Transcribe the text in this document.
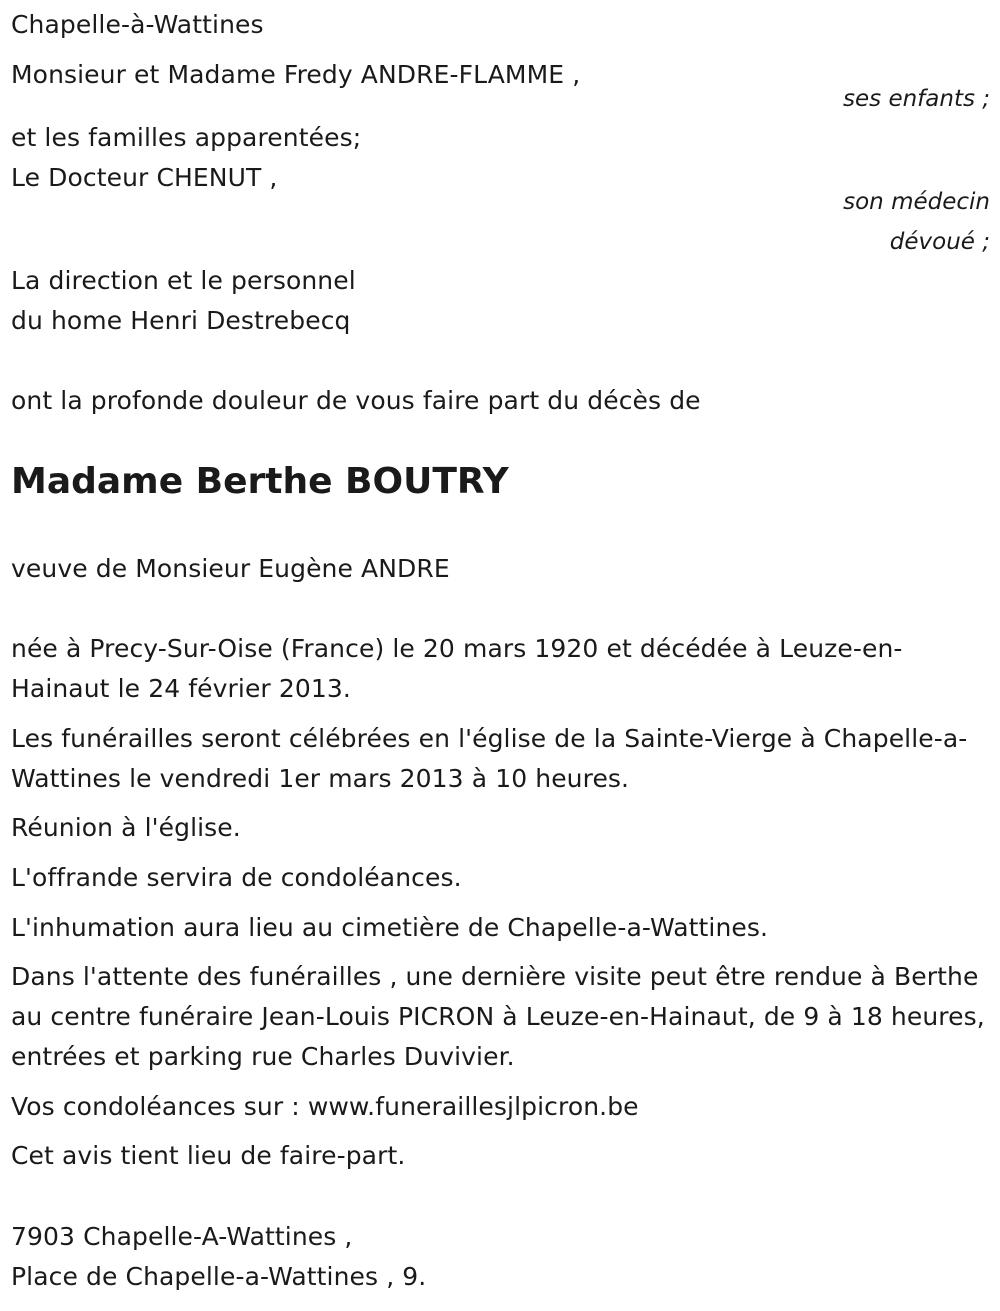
Chapelle-à-Wattines
Monsieur et Madame Fredy ANDRE-FLAMME ,
ses enfants ;
et les familles apparentées;
Le Docteur CHENUT ,
son médecin
dévoué ;
La direction et le personnel
du home Henri Destrebecq
ont la profonde douleur de vous faire part du décès de
Madame Berthe BOUTRY
veuve de Monsieur Eugène ANDRE
née à Precy-Sur-Oise (France) le 20 mars 1920 et décédée à Leuze-en-Hainaut le 24 février 2013.
Les funérailles seront célébrées en l'église de la Sainte-Vierge à Chapelle-a-Wattines le vendredi 1er mars 2013 à 10 heures.
Réunion à l'église.
L'offrande servira de condoléances.
L'inhumation aura lieu au cimetière de Chapelle-a-Wattines.
Dans l'attente des funérailles , une dernière visite peut être rendue à Berthe au centre funéraire Jean-Louis PICRON à Leuze-en-Hainaut, de 9 à 18 heures, entrées et parking rue Charles Duvivier.
Vos condoléances sur : www.funeraillesjlpicron.be
Cet avis tient lieu de faire-part.
7903 Chapelle-A-Wattines ,
Place de Chapelle-a-Wattines , 9.
